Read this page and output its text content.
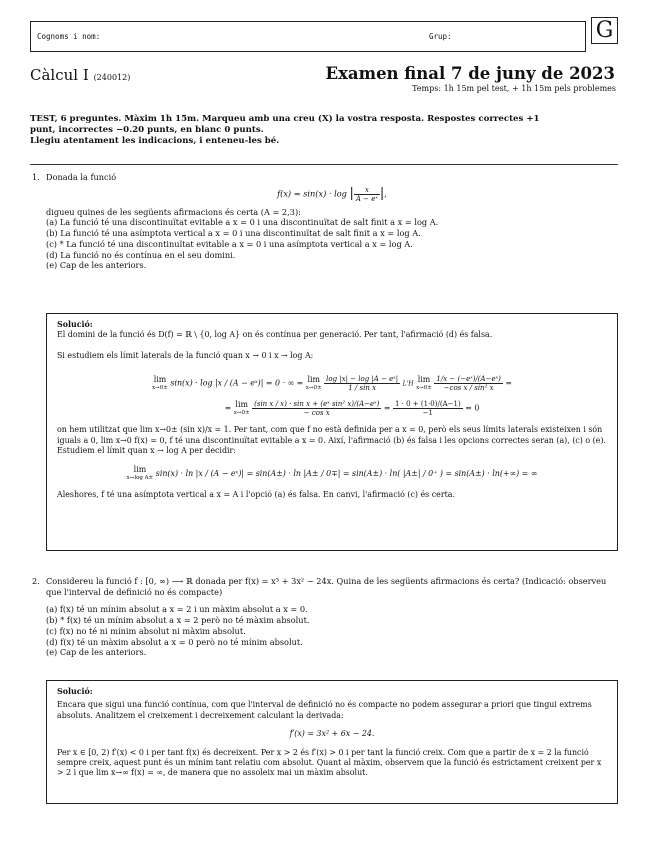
Cognoms i nom:	Grup:	G
Càlcul I (240012)	Examen final 7 de juny de 2023
Temps: 1h 15m pel test, + 1h 15m pels problemes
TEST, 6 preguntes. Màxim 1h 15m. Marqueu amb una creu (X) la vostra resposta. Respostes correctes +1
punt, incorrectes −0.20 punts, en blanc 0 punts.
Llegiu atentament les indicacions, i enteneu-les bé.
1. Donada la funció

f(x) = sin(x) · log | $\frac{x}{\text{A − eˣ}}$ |,

digueu quines de les següents afirmacions és certa (A = 2,3):

(a) La funció té una discontinuïtat evitable a x = 0 i una discontinuïtat de salt finit a x = log A.

(b) La funció té una asímptota vertical a x = 0 i una discontinuïtat de salt finit a x = log A.

(c) * La funció té una discontinuïtat evitable a x = 0 i una asímptota vertical a x = log A.

(d) La funció no és contínua en el seu domini.

(e) Cap de les anteriors.

Solució:

El domini de la funció és D(f) = ℝ \ {0, log A} on és contínua per generació. Per tant, l'afirmació (d) és falsa.

Si estudiem els límit laterals de la funció quan x → 0 i x → log A:

lim
x→0± sin(x) · log |x / (A − eˣ)| = 0 · ∞ = lim
x→0±
$\frac{\text{log |x| − log |A − eˣ|}}{\text{1 / sin x}} L'H$ lim
x→0±
$\frac{\text{1/x − (−eˣ)/(A−eˣ)}}{\text{−cos x / sin² x}}$ =
= lim
x→0±
$\frac{\text{(sin x / x) · sin x + (eˣ sin² x)/(A−eˣ)}}{\text{− cos x}} = \frac{1 \cdot 0 + (1\cdot 0)/(A-1)}{-1} = 0$

on hem utilitzat que lim x→0± (sin x)/x = 1. Per tant, com que f no està definida per a x = 0, però els seus límits laterals existeixen i són iguals a 0, lim x→0 f(x) = 0, f té una discontinuïtat evitable a x = 0. Així, l'afirmació (b) és falsa i les opcions correctes seran (a), (c) o (e). Estudiem el límit quan x → log A per decidir:

lim
x→log A± sin(x) · ln |x / (A − eˣ)| = sin(A±) · ln |A± / 0∓| = sin(A±) · ln( |A±| / 0⁺ ) = sin(A±) · ln(+∞) = ∞

Aleshores, f té una asímptota vertical a x = A i l'opció (a) és falsa. En canvi, l'afirmació (c) és certa.

2. Considereu la funció f : [0, ∞) ⟶ ℝ donada per f(x) = x³ + 3x² − 24x. Quina de les següents afirmacions és certa? (Indicació: observeu que l'interval de definició no és compacte)

(a) f(x) té un mínim absolut a x = 2 i un màxim absolut a x = 0.

(b) * f(x) té un mínim absolut a x = 2 però no té màxim absolut.

(c) f(x) no té ni mínim absolut ni màxim absolut.

(d) f(x) té un màxim absolut a x = 0 però no té mínim absolut.

(e) Cap de les anteriors.

Solució:

Encara que sigui una funció contínua, com que l'interval de definició no és compacte no podem assegurar a priori que tingui extrems absoluts. Analitzem el creixement i decreixement calculant la derivada:

f′(x) = 3x² + 6x − 24.

Per x ∈ [0, 2) f′(x) < 0 i per tant f(x) és decreixent. Per x > 2 és f′(x) > 0 i per tant la funció creix. Com que a partir de x = 2 la funció sempre creix, aquest punt és un mínim tant relatiu com absolut. Quant al màxim, observem que la funció és estrictament creixent per x > 2 i que lim x→∞ f(x) = ∞, de manera que no assoleix mai un màxim absolut.
